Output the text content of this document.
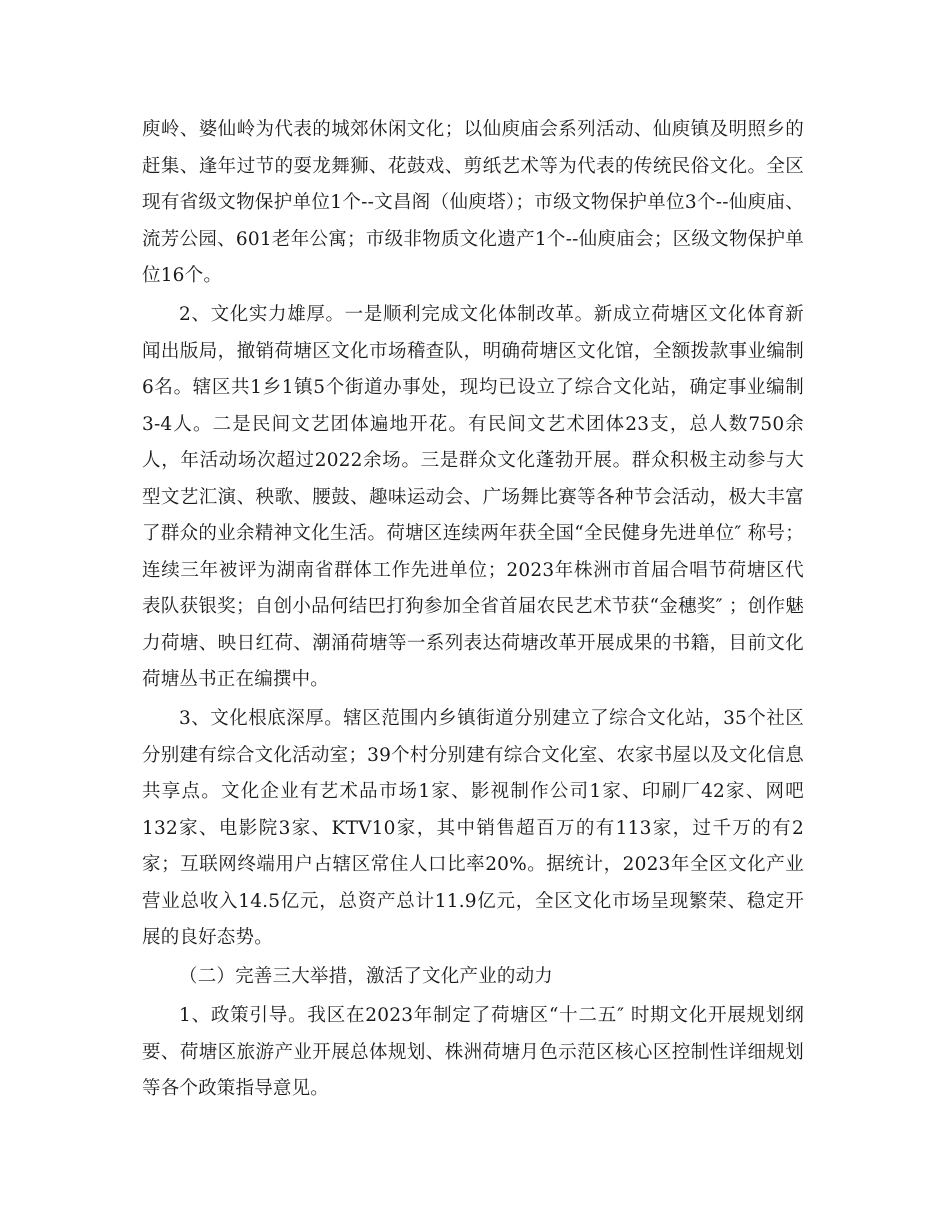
庾岭、婆仙岭为代表的城郊休闲文化；以仙庾庙会系列活动、仙庾镇及明照乡的赶集、逢年过节的耍龙舞狮、花鼓戏、剪纸艺术等为代表的传统民俗文化。全区现有省级文物保护单位1个--文昌阁（仙庾塔）；市级文物保护单位3个--仙庾庙、流芳公园、601老年公寓；市级非物质文化遗产1个--仙庾庙会；区级文物保护单位16个。

2、文化实力雄厚。一是顺利完成文化体制改革。新成立荷塘区文化体育新闻出版局，撤销荷塘区文化市场稽查队，明确荷塘区文化馆，全额拨款事业编制6名。辖区共1乡1镇5个街道办事处，现均已设立了综合文化站，确定事业编制3-4人。二是民间文艺团体遍地开花。有民间文艺术团体23支，总人数750余人，年活动场次超过2022余场。三是群众文化蓬勃开展。群众积极主动参与大型文艺汇演、秧歌、腰鼓、趣味运动会、广场舞比赛等各种节会活动，极大丰富了群众的业余精神文化生活。荷塘区连续两年获全国“全民健身先进单位″ 称号；连续三年被评为湖南省群体工作先进单位；2023年株洲市首届合唱节荷塘区代表队获银奖；自创小品何结巴打狗参加全省首届农民艺术节获“金穗奖″ ；创作魅力荷塘、映日红荷、潮涌荷塘等一系列表达荷塘改革开展成果的书籍，目前文化荷塘丛书正在编撰中。

3、文化根底深厚。辖区范围内乡镇街道分别建立了综合文化站，35个社区分别建有综合文化活动室；39个村分别建有综合文化室、农家书屋以及文化信息共享点。文化企业有艺术品市场1家、影视制作公司1家、印刷厂42家、网吧132家、电影院3家、KTV10家，其中销售超百万的有113家，过千万的有2家；互联网终端用户占辖区常住人口比率20%。据统计，2023年全区文化产业营业总收入14.5亿元，总资产总计11.9亿元，全区文化市场呈现繁荣、稳定开展的良好态势。

（二）完善三大举措，激活了文化产业的动力

1、政策引导。我区在2023年制定了荷塘区“十二五″ 时期文化开展规划纲要、荷塘区旅游产业开展总体规划、株洲荷塘月色示范区核心区控制性详细规划等各个政策指导意见。
